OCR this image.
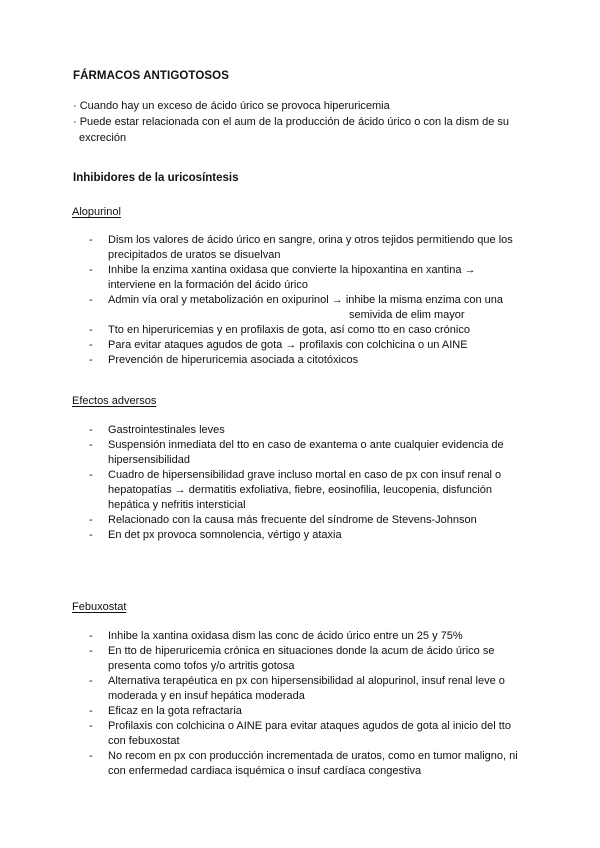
FÁRMACOS ANTIGOTOSOS
· Cuando hay un exceso de ácido úrico se provoca hiperuricemia
· Puede estar relacionada con el aum de la producción de ácido úrico o con la dism de su
excreción
Inhibidores de la uricosíntesis
Alopurinol
- Dism los valores de ácido úrico en sangre, orina y otros tejidos permitiendo que los
precipitados de uratos se disuelvan
- Inhibe la enzima xantina oxidasa que convierte la hipoxantina en xantina →
interviene en la formación del ácido úrico
- Admin vía oral y metabolización en oxipurinol → inhibe la misma enzima con una
semivida de elim mayor
- Tto en hiperuricemias y en profilaxis de gota, así como tto en caso crónico
- Para evitar ataques agudos de gota → profilaxis con colchicina o un AINE
- Prevención de hiperuricemia asociada a citotóxicos
Efectos adversos
- Gastrointestinales leves
- Suspensión inmediata del tto en caso de exantema o ante cualquier evidencia de
hipersensibilidad
- Cuadro de hipersensibilidad grave incluso mortal en caso de px con insuf renal o
hepatopatías → dermatitis exfoliativa, fiebre, eosinofilia, leucopenia, disfunción
hepática y nefritis intersticial
- Relacionado con la causa más frecuente del síndrome de Stevens-Johnson
- En det px provoca somnolencia, vértigo y ataxia
Febuxostat
- Inhibe la xantina oxidasa dism las conc de ácido úrico entre un 25 y 75%
- En tto de hiperuricemia crónica en situaciones donde la acum de ácido úrico se
presenta como tofos y/o artritis gotosa
- Alternativa terapéutica en px con hipersensibilidad al alopurinol, insuf renal leve o
moderada y en insuf hepática moderada
- Eficaz en la gota refractaria
- Profilaxis con colchicina o AINE para evitar ataques agudos de gota al inicio del tto
con febuxostat
- No recom en px con producción incrementada de uratos, como en tumor maligno, ni
con enfermedad cardiaca isquémica o insuf cardíaca congestiva
